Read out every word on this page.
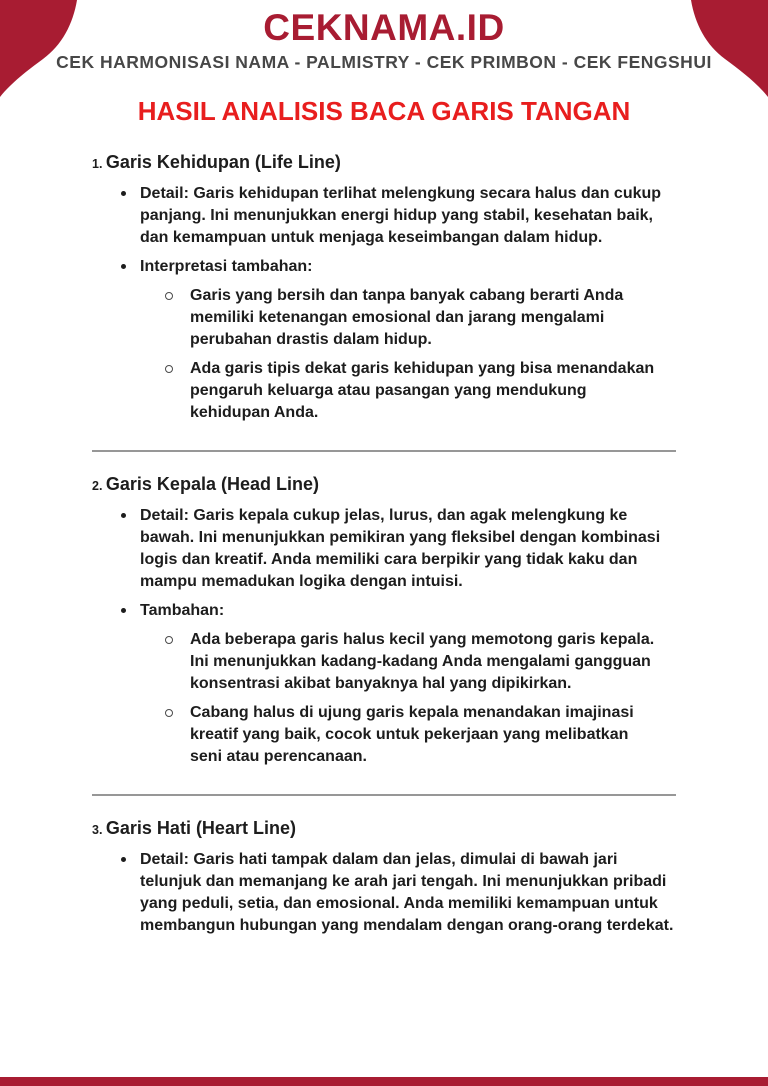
CEKNAMA.ID
CEK HARMONISASI NAMA - PALMISTRY - CEK PRIMBON - CEK FENGSHUI
HASIL ANALISIS BACA GARIS TANGAN
1. Garis Kehidupan (Life Line)
Detail: Garis kehidupan terlihat melengkung secara halus dan cukup panjang. Ini menunjukkan energi hidup yang stabil, kesehatan baik, dan kemampuan untuk menjaga keseimbangan dalam hidup.
Interpretasi tambahan:
Garis yang bersih dan tanpa banyak cabang berarti Anda memiliki ketenangan emosional dan jarang mengalami perubahan drastis dalam hidup.
Ada garis tipis dekat garis kehidupan yang bisa menandakan pengaruh keluarga atau pasangan yang mendukung kehidupan Anda.
2. Garis Kepala (Head Line)
Detail: Garis kepala cukup jelas, lurus, dan agak melengkung ke bawah. Ini menunjukkan pemikiran yang fleksibel dengan kombinasi logis dan kreatif. Anda memiliki cara berpikir yang tidak kaku dan mampu memadukan logika dengan intuisi.
Tambahan:
Ada beberapa garis halus kecil yang memotong garis kepala. Ini menunjukkan kadang-kadang Anda mengalami gangguan konsentrasi akibat banyaknya hal yang dipikirkan.
Cabang halus di ujung garis kepala menandakan imajinasi kreatif yang baik, cocok untuk pekerjaan yang melibatkan seni atau perencanaan.
3. Garis Hati (Heart Line)
Detail: Garis hati tampak dalam dan jelas, dimulai di bawah jari telunjuk dan memanjang ke arah jari tengah. Ini menunjukkan pribadi yang peduli, setia, dan emosional. Anda memiliki kemampuan untuk membangun hubungan yang mendalam dengan orang-orang terdekat.
